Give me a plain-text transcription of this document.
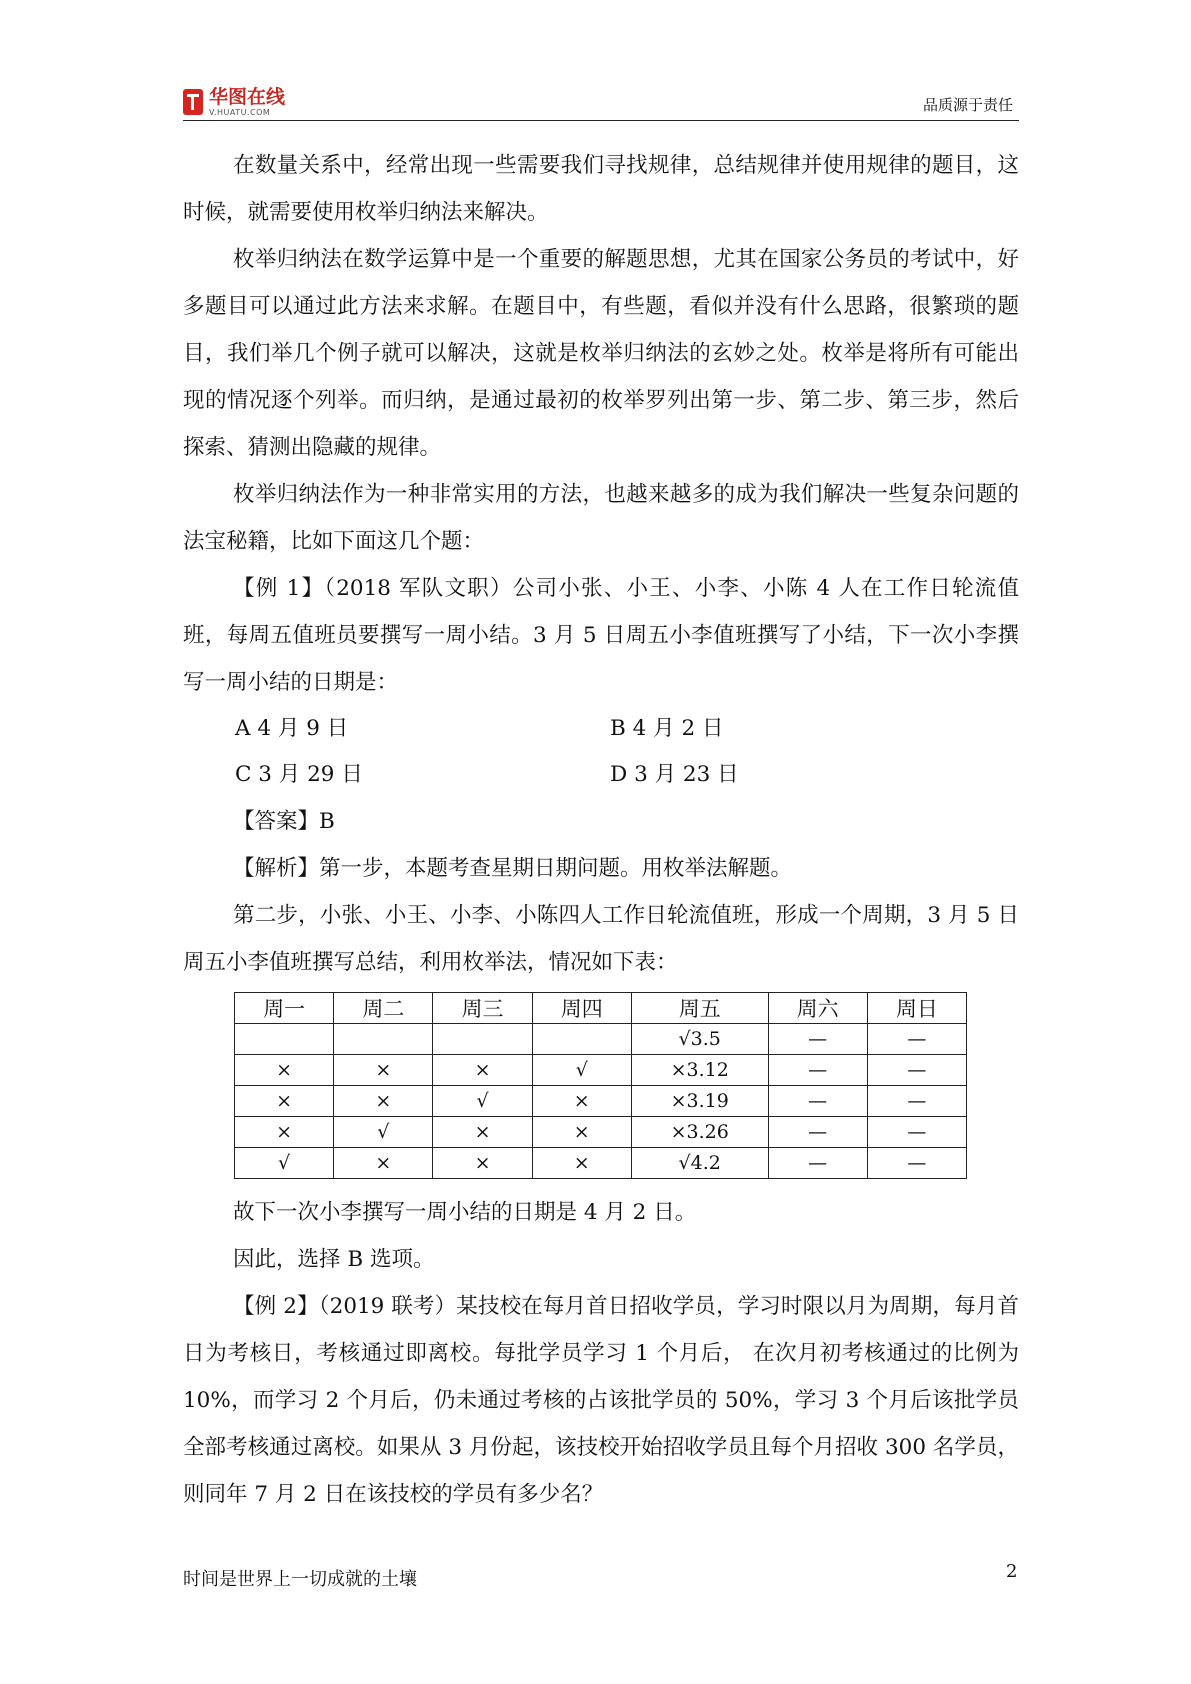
华图在线
V.HUATU.COM	品质源于责任

在数量关系中，经常出现一些需要我们寻找规律，总结规律并使用规律的题目，这时候，就需要使用枚举归纳法来解决。

枚举归纳法在数学运算中是一个重要的解题思想，尤其在国家公务员的考试中，好多题目可以通过此方法来求解。在题目中，有些题，看似并没有什么思路，很繁琐的题目，我们举几个例子就可以解决，这就是枚举归纳法的玄妙之处。枚举是将所有可能出现的情况逐个列举。而归纳，是通过最初的枚举罗列出第一步、第二步、第三步，然后探索、猜测出隐藏的规律。

枚举归纳法作为一种非常实用的方法，也越来越多的成为我们解决一些复杂问题的法宝秘籍，比如下面这几个题：

【例 1】（2018 军队文职）公司小张、小王、小李、小陈 4 人在工作日轮流值班，每周五值班员要撰写一周小结。3 月 5 日周五小李值班撰写了小结，下一次小李撰写一周小结的日期是：

A 4 月 9 日	B 4 月 2 日
C 3 月 29 日	D 3 月 23 日

【答案】B

【解析】第一步，本题考查星期日期问题。用枚举法解题。

第二步，小张、小王、小李、小陈四人工作日轮流值班，形成一个周期，3 月 5 日周五小李值班撰写总结，利用枚举法，情况如下表：

周一	周二	周三	周四	周五	周六	周日
				√3.5	—	—
×	×	×	√	×3.12	—	—
×	×	√	×	×3.19	—	—
×	√	×	×	×3.26	—	—
√	×	×	×	√4.2	—	—

故下一次小李撰写一周小结的日期是 4 月 2 日。

因此，选择 B 选项。

【例 2】（2019 联考）某技校在每月首日招收学员，学习时限以月为周期，每月首日为考核日，考核通过即离校。每批学员学习 1 个月后， 在次月初考核通过的比例为 10%，而学习 2 个月后，仍未通过考核的占该批学员的 50%，学习 3 个月后该批学员全部考核通过离校。如果从 3 月份起，该技校开始招收学员且每个月招收 300 名学员，则同年 7 月 2 日在该技校的学员有多少名？

时间是世界上一切成就的土壤	2
